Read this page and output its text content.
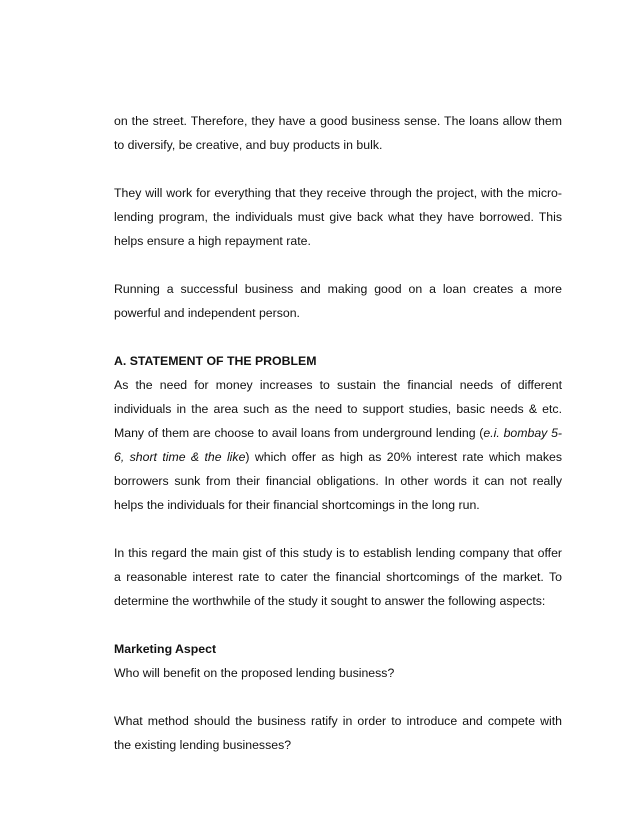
on the street. Therefore, they have a good business sense. The loans allow them to diversify, be creative, and buy products in bulk.

They will work for everything that they receive through the project, with the micro-lending program, the individuals must give back what they have borrowed. This helps ensure a high repayment rate.

Running a successful business and making good on a loan creates a more powerful and independent person.

A. STATEMENT OF THE PROBLEM

As the need for money increases to sustain the financial needs of different individuals in the area such as the need to support studies, basic needs & etc. Many of them are choose to avail loans from underground lending (e.i. bombay 5-6, short time & the like) which offer as high as 20% interest rate which makes borrowers sunk from their financial obligations. In other words it can not really helps the individuals for their financial shortcomings in the long run.

In this regard the main gist of this study is to establish lending company that offer a reasonable interest rate to cater the financial shortcomings of the market. To determine the worthwhile of the study it sought to answer the following aspects:

Marketing Aspect

Who will benefit on the proposed lending business?

What method should the business ratify in order to introduce and compete with the existing lending businesses?
